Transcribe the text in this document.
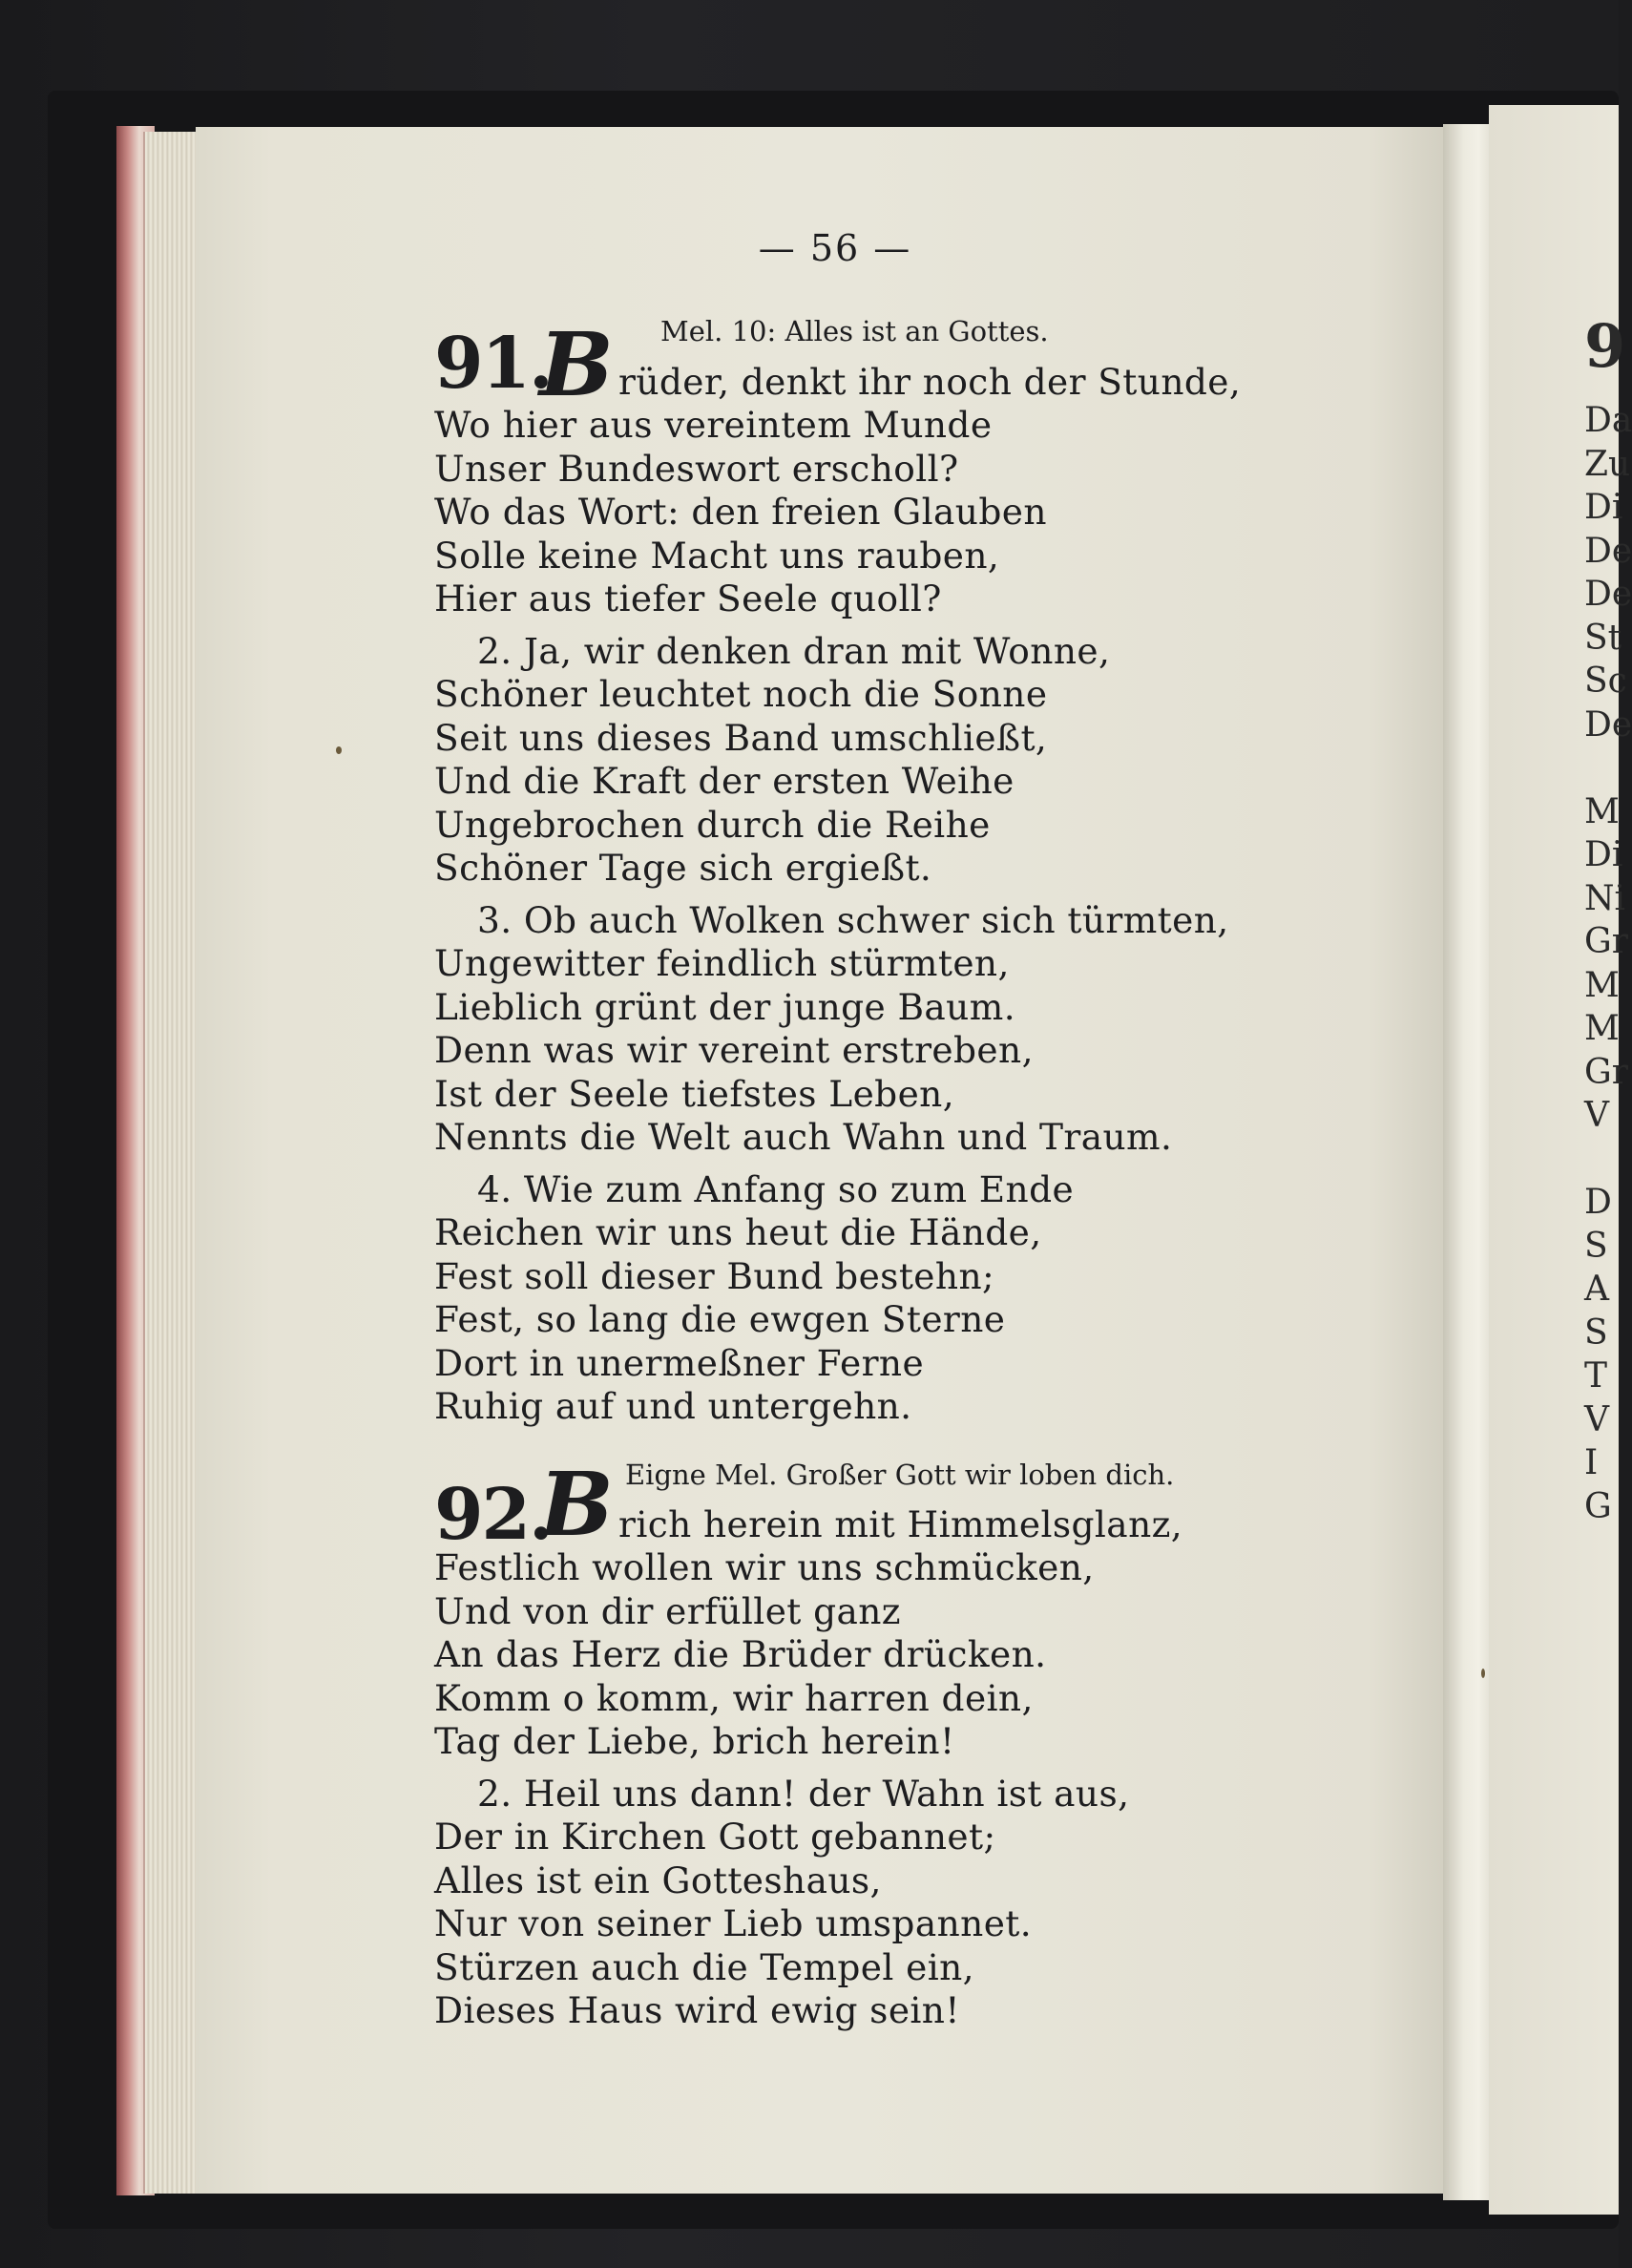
— 56 —
Mel. 10: Alles ist an Gottes.
91.
B rüder, denkt ihr noch der Stunde,
Wo hier aus vereintem Munde
Unser Bundeswort erscholl?
Wo das Wort: den freien Glauben
Solle keine Macht uns rauben,
Hier aus tiefer Seele quoll?
2. Ja, wir denken dran mit Wonne,
Schöner leuchtet noch die Sonne
Seit uns dieses Band umschließt,
Und die Kraft der ersten Weihe
Ungebrochen durch die Reihe
Schöner Tage sich ergießt.
3. Ob auch Wolken schwer sich türmten,
Ungewitter feindlich stürmten,
Lieblich grünt der junge Baum.
Denn was wir vereint erstreben,
Ist der Seele tiefstes Leben,
Nennts die Welt auch Wahn und Traum.
4. Wie zum Anfang so zum Ende
Reichen wir uns heut die Hände,
Fest soll dieser Bund bestehn;
Fest, so lang die ewgen Sterne
Dort in unermeßner Ferne
Ruhig auf und untergehn.
Eigne Mel. Großer Gott wir loben dich.
92.
B rich herein mit Himmelsglanz,
Festlich wollen wir uns schmücken,
Und von dir erfüllet ganz
An das Herz die Brüder drücken.
Komm o komm, wir harren dein,
Tag der Liebe, brich herein!
2. Heil uns dann! der Wahn ist aus,
Der in Kirchen Gott gebannet;
Alles ist ein Gotteshaus,
Nur von seiner Lieb umspannet.
Stürzen auch die Tempel ein,
Dieses Haus wird ewig sein!
9
Da
Zu
Di
De
De
St
Sc
De
M
Di
Ni
Gr
M
M
Gr
V
D
S
A
S
T
V
I
G
